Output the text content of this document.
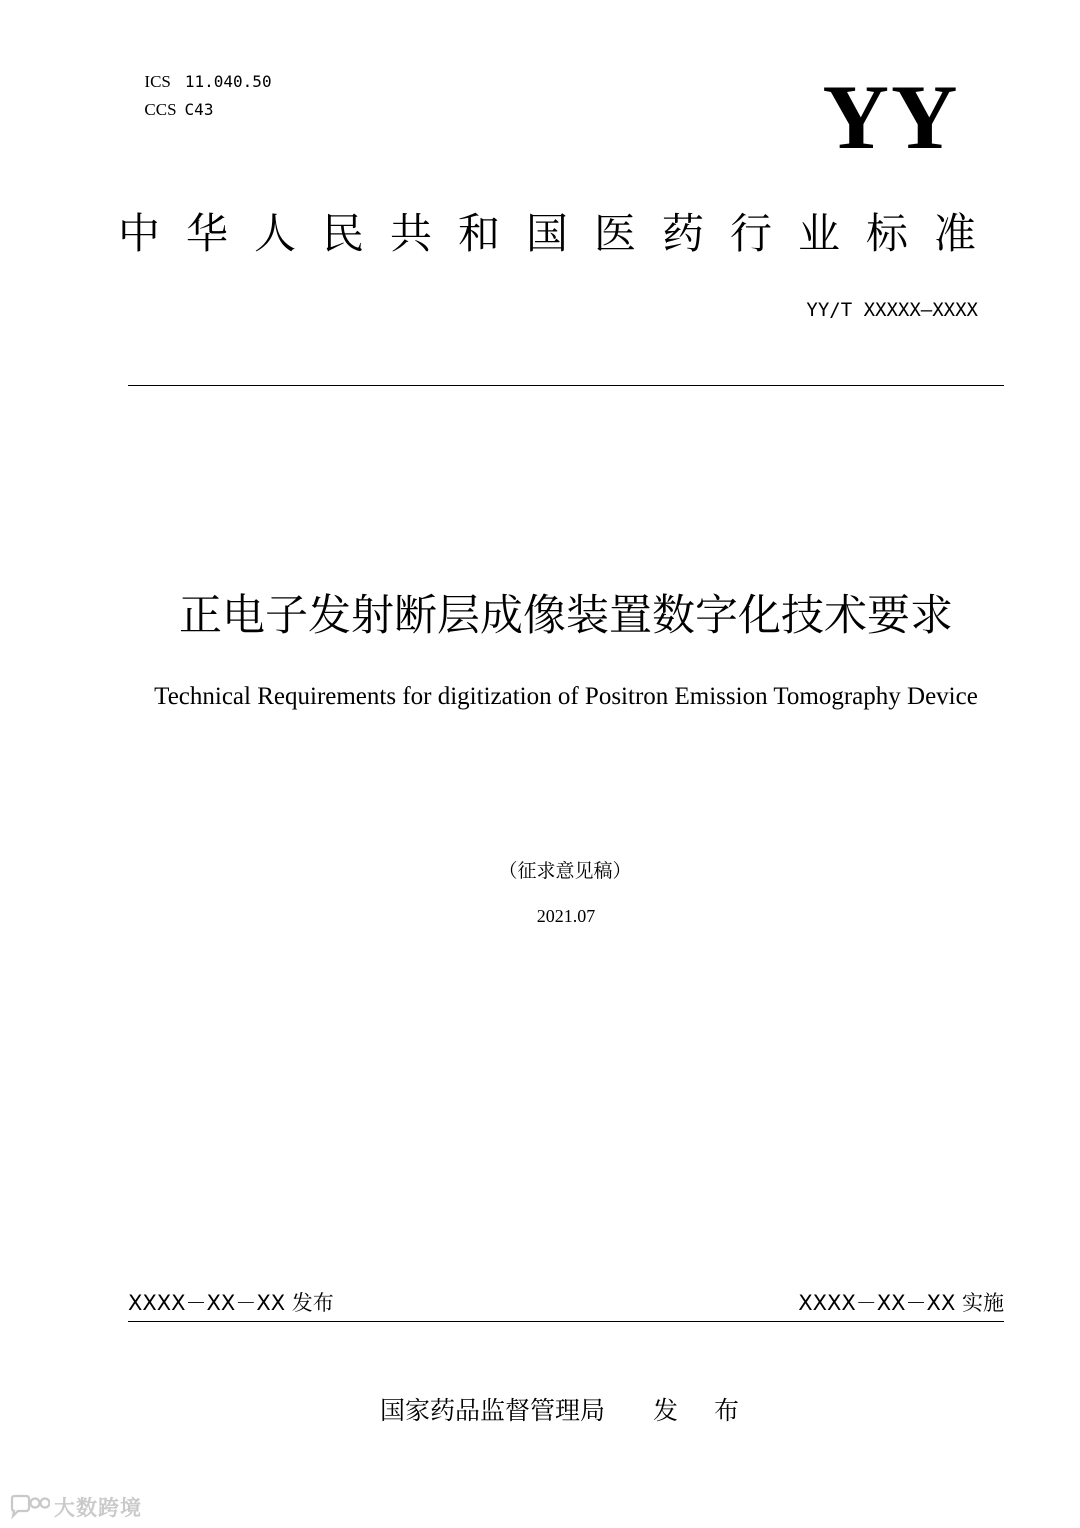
ICS 11.040.50

CCS C43	YY
中华人民共和国医药行业标准
YY/T XXXXX—XXXX
正电子发射断层成像装置数字化技术要求
Technical Requirements for digitization of Positron Emission Tomography Device
（征求意见稿）
2021.07
XXXX－XX－XX 发布	XXXX－XX－XX 实施
国家药品监督管理局 发 布
大数跨境
